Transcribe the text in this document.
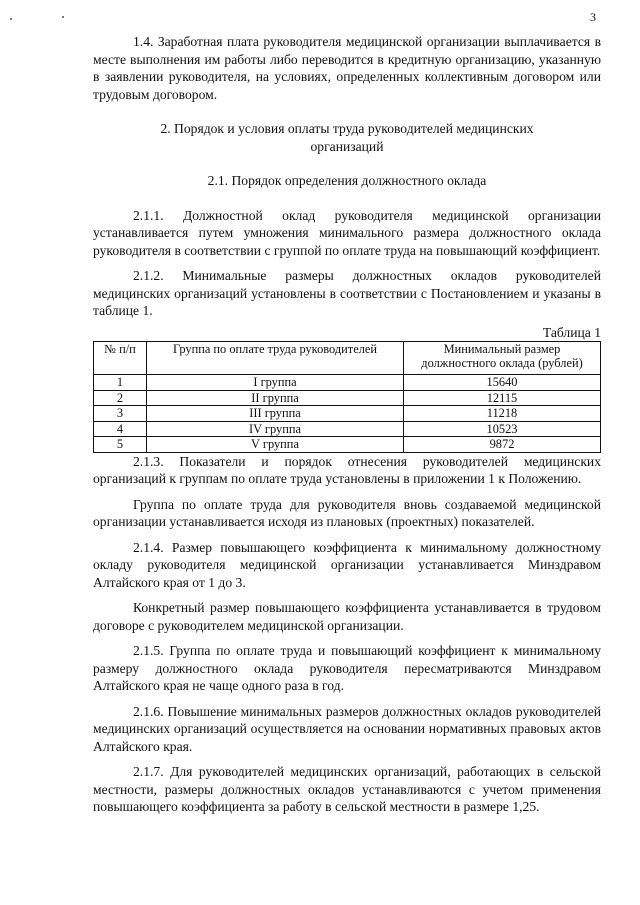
3

1.4. Заработная плата руководителя медицинской организации выплачивается в месте выполнения им работы либо переводится в кредитную организацию, указанную в заявлении руководителя, на условиях, определенных коллективным договором или трудовым договором.

2. Порядок и условия оплаты труда руководителей медицинских организаций

2.1. Порядок определения должностного оклада

2.1.1. Должностной оклад руководителя медицинской организации устанавливается путем умножения минимального размера должностного оклада руководителя в соответствии с группой по оплате труда на повышающий коэффициент.

2.1.2. Минимальные размеры должностных окладов руководителей медицинских организаций установлены в соответствии с Постановлением и указаны в таблице 1.

Таблица 1

№ п/п	Группа по оплате труда руководителей	Минимальный размер должностного оклада (рублей)
1	I группа	15640
2	II группа	12115
3	III группа	11218
4	IV группа	10523
5	V группа	9872

2.1.3. Показатели и порядок отнесения руководителей медицинских организаций к группам по оплате труда установлены в приложении 1 к Положению.

Группа по оплате труда для руководителя вновь создаваемой медицинской организации устанавливается исходя из плановых (проектных) показателей.

2.1.4. Размер повышающего коэффициента к минимальному должностному окладу руководителя медицинской организации устанавливается Минздравом Алтайского края от 1 до 3.

Конкретный размер повышающего коэффициента устанавливается в трудовом договоре с руководителем медицинской организации.

2.1.5. Группа по оплате труда и повышающий коэффициент к минимальному размеру должностного оклада руководителя пересматриваются Минздравом Алтайского края не чаще одного раза в год.

2.1.6. Повышение минимальных размеров должностных окладов руководителей медицинских организаций осуществляется на основании нормативных правовых актов Алтайского края.

2.1.7. Для руководителей медицинских организаций, работающих в сельской местности, размеры должностных окладов устанавливаются с учетом применения повышающего коэффициента за работу в сельской местности в размере 1,25.
